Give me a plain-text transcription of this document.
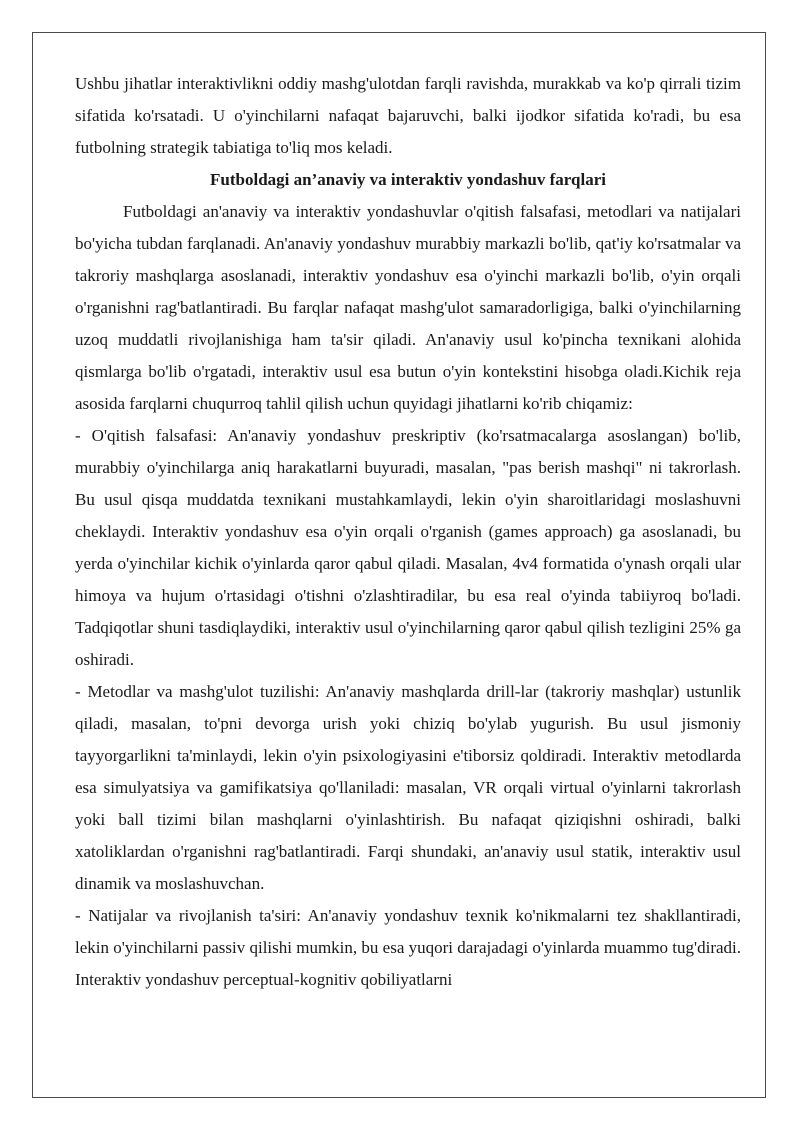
Ushbu jihatlar interaktivlikni oddiy mashg'ulotdan farqli ravishda, murakkab va ko'p qirrali tizim sifatida ko'rsatadi. U o'yinchilarni nafaqat bajaruvchi, balki ijodkor sifatida ko'radi, bu esa futbolning strategik tabiatiga to'liq mos keladi.

Futboldagi an’anaviy va interaktiv yondashuv farqlari

Futboldagi an'anaviy va interaktiv yondashuvlar o'qitish falsafasi, metodlari va natijalari bo'yicha tubdan farqlanadi. An'anaviy yondashuv murabbiy markazli bo'lib, qat'iy ko'rsatmalar va takroriy mashqlarga asoslanadi, interaktiv yondashuv esa o'yinchi markazli bo'lib, o'yin orqali o'rganishni rag'batlantiradi. Bu farqlar nafaqat mashg'ulot samaradorligiga, balki o'yinchilarning uzoq muddatli rivojlanishiga ham ta'sir qiladi. An'anaviy usul ko'pincha texnikani alohida qismlarga bo'lib o'rgatadi, interaktiv usul esa butun o'yin kontekstini hisobga oladi.Kichik reja asosida farqlarni chuqurroq tahlil qilish uchun quyidagi jihatlarni ko'rib chiqamiz:

- O'qitish falsafasi: An'anaviy yondashuv preskriptiv (ko'rsatmacalarga asoslangan) bo'lib, murabbiy o'yinchilarga aniq harakatlarni buyuradi, masalan, "pas berish mashqi" ni takrorlash. Bu usul qisqa muddatda texnikani mustahkamlaydi, lekin o'yin sharoitlaridagi moslashuvni cheklaydi. Interaktiv yondashuv esa o'yin orqali o'rganish (games approach) ga asoslanadi, bu yerda o'yinchilar kichik o'yinlarda qaror qabul qiladi. Masalan, 4v4 formatida o'ynash orqali ular himoya va hujum o'rtasidagi o'tishni o'zlashtiradilar, bu esa real o'yinda tabiiyroq bo'ladi. Tadqiqotlar shuni tasdiqlaydiki, interaktiv usul o'yinchilarning qaror qabul qilish tezligini 25% ga oshiradi.

- Metodlar va mashg'ulot tuzilishi: An'anaviy mashqlarda drill-lar (takroriy mashqlar) ustunlik qiladi, masalan, to'pni devorga urish yoki chiziq bo'ylab yugurish. Bu usul jismoniy tayyorgarlikni ta'minlaydi, lekin o'yin psixologiyasini e'tiborsiz qoldiradi. Interaktiv metodlarda esa simulyatsiya va gamifikatsiya qo'llaniladi: masalan, VR orqali virtual o'yinlarni takrorlash yoki ball tizimi bilan mashqlarni o'yinlashtirish. Bu nafaqat qiziqishni oshiradi, balki xatoliklardan o'rganishni rag'batlantiradi. Farqi shundaki, an'anaviy usul statik, interaktiv usul dinamik va moslashuvchan.

- Natijalar va rivojlanish ta'siri: An'anaviy yondashuv texnik ko'nikmalarni tez shakllantiradi, lekin o'yinchilarni passiv qilishi mumkin, bu esa yuqori darajadagi o'yinlarda muammo tug'diradi. Interaktiv yondashuv perceptual-kognitiv qobiliyatlarni
